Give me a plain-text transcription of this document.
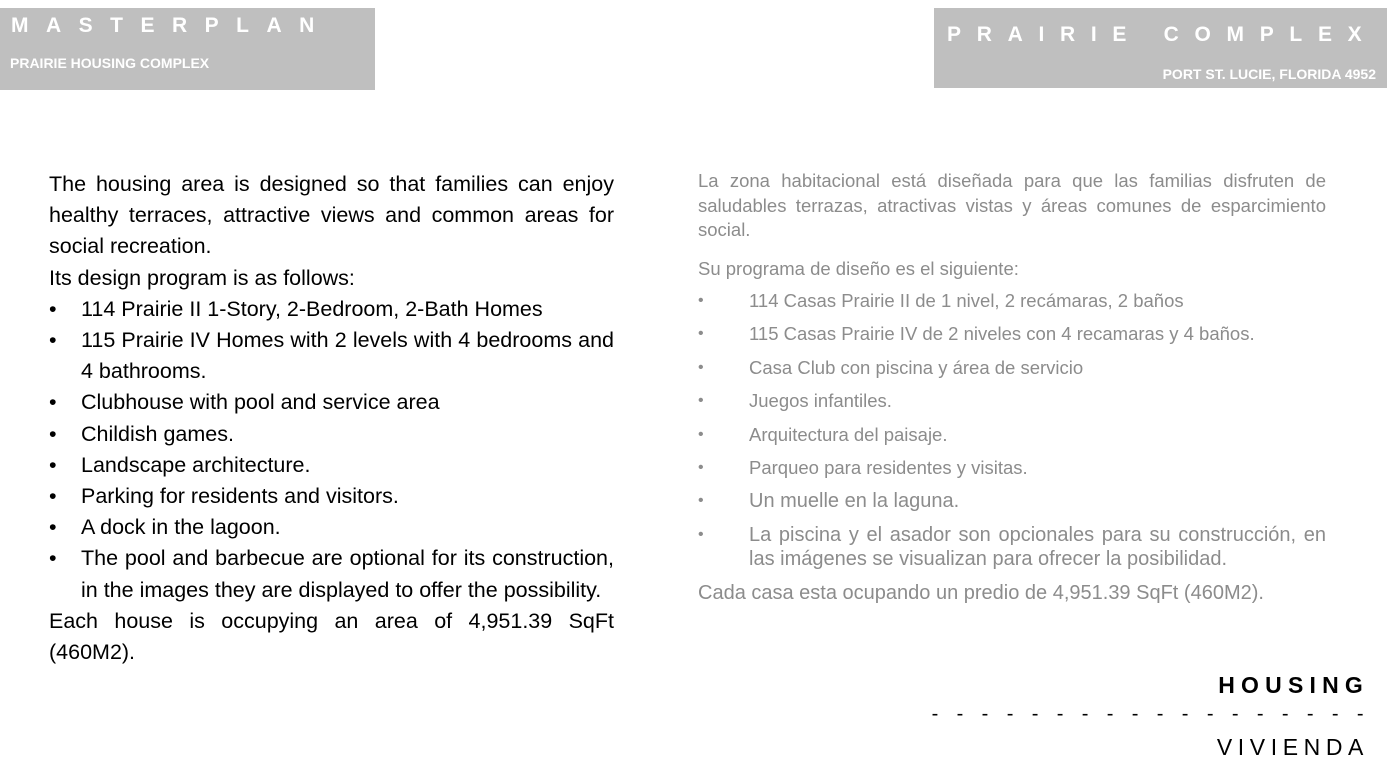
MASTERPLAN
PRAIRIE HOUSING COMPLEX
PRAIRIE COMPLEX
PORT ST. LUCIE, FLORIDA 4952

The housing area is designed so that families can enjoy healthy terraces, attractive views and common areas for social recreation.

Its design program is as follows:

• 114 Prairie II 1-Story, 2-Bedroom, 2-Bath Homes
• 115 Prairie IV Homes with 2 levels with 4 bedrooms and 4 bathrooms.
• Clubhouse with pool and service area
• Childish games.
• Landscape architecture.
• Parking for residents and visitors.
• A dock in the lagoon.
• The pool and barbecue are optional for its construction, in the images they are displayed to offer the possibility.

Each house is occupying an area of 4,951.39 SqFt (460M2).

La zona habitacional está diseñada para que las familias disfruten de saludables terrazas, atractivas vistas y áreas comunes de esparcimiento social.

Su programa de diseño es el siguiente:

• 114 Casas Prairie II de 1 nivel, 2 recámaras, 2 baños
• 115 Casas Prairie IV de 2 niveles con 4 recamaras y 4 baños.
• Casa Club con piscina y área de servicio
• Juegos infantiles.
• Arquitectura del paisaje.
• Parqueo para residentes y visitas.
• Un muelle en la laguna.
• La piscina y el asador son opcionales para su construcción, en las imágenes se visualizan para ofrecer la posibilidad.

Cada casa esta ocupando un predio de 4,951.39 SqFt (460M2).

HOUSING
- - - - - - - - - - - - - - - - - -
VIVIENDA
